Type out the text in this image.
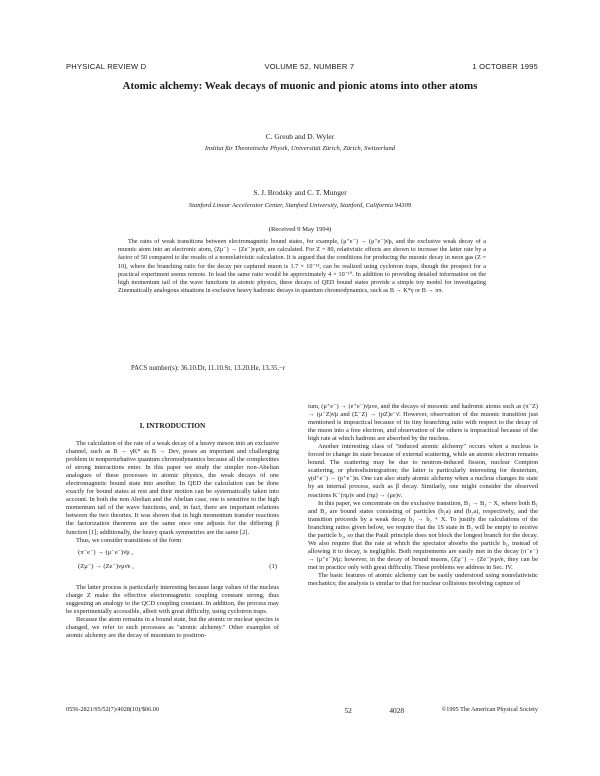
PHYSICAL REVIEW D	VOLUME 52, NUMBER 7	1 OCTOBER 1995
Atomic alchemy: Weak decays of muonic and pionic atoms into other atoms
C. Greub and D. Wyler
Institut für Theoretische Physik, Universität Zürich, Zürich, Switzerland
S. J. Brodsky and C. T. Munger
Stanford Linear Accelerator Center, Stanford University, Stanford, California 94309
(Received 9 May 1994)
The rates of weak transitions between electromagnetic bound states, for example, (μ⁺e⁻) → (μ⁺e⁻)ν̄μ, and the exclusive weak decay of a muonic atom into an electronic atom, (Zμ⁻) → (Ze⁻)νμν̄e, are calculated. For Z = 80, relativistic effects are shown to increase the latter rate by a factor of 50 compared to the results of a nonrelativistic calculation. It is argued that the conditions for producing the muonic decay in neon gas (Z = 10), where the branching ratio for the decay per captured muon is 1.7 × 10⁻¹³, can be realized using cyclotron traps, though the prospect for a practical experiment seems remote. In lead the same ratio would be approximately 4 × 10⁻¹⁰. In addition to providing detailed information on the high momentum tail of the wave functions in atomic physics, these decays of QED bound states provide a simple toy model for investigating Zinematically analogous situations in exclusive heavy hadronic decays in quantum chromodynamics, such as B → K*γ or B → ππ.
PACS number(s): 36.10.Dr, 11.10.St, 13.20.He, 13.35.−r
I. INTRODUCTION

The calculation of the rate of a weak decay of a heavy meson into an exclusive channel, such as B → γK* as B → Dev, poses an important and challenging problem in nonperturbative quantum chromodynamics because all the complexities of strong interactions enter. In this paper we study the simpler non-Abelian analogues of these processes in atomic physics, the weak decays of one electromagnetic bound state into another. In QED the calculation can be done exactly for bound states at rest and their motion can be systematically taken into account. In both the non Abelian and the Abelian case, one is sensitive to the high momentum tail of the wave functions, and, in fact, there are important relations between the two theories. It was shown that in high momentum transfer reactions the factorization theorems are the same once one adjusts for the differing β function [1]; additionally, the heavy quark symmetries are the same [2].

Thus, we consider transitions of the form

(π⁻e⁻) → (μ⁻e⁻)ν̄μ ,
(Zμ⁻) → (Ze⁻)νμν̄e ,	(1)

The latter process is particularly interesting because large values of the nucleus charge Z make the effective electromagnetic coupling constant strong, thus suggesting an analogy to the QCD coupling constant. In addition, the process may be experimentally accessible, albeit with great difficulty, using cyclotron traps.

Because the atom remains in a bound state, but the atomic or nuclear species is changed, we refer to such processes as "atomic alchemy." Other examples of atomic alchemy are the decay of muonium to positron-

ium, (μ⁺e⁻) → (e⁺e⁻)ν̄μνe, and the decays of mesonic and hadronic atoms such as (π⁻Z) → (μ⁻Z)ν̄μ and (Σ⁻Z) → (pZ)e⁻ν̄. However, observation of the muonic transition just mentioned is impractical because of its tiny branching ratio with respect to the decay of the muon into a free electron, and observation of the others is impractical because of the high rate at which hadrons are absorbed by the nucleus.

Another interesting class of "induced atomic alchemy" occurs when a nucleus is forced to change its state because of external scattering, while an atomic electron remains bound. The scattering may be due to neutron-induced fission, nuclear Compton scattering, or photodisintegration; the latter is particularly interesting for deuterium, γ(d⁺e⁻) → (p⁺e⁻)n. One can also study atomic alchemy when a nucleus changes its state by an internal process, such as β decay. Similarly, one might consider the observed reactions K⁻(πμ)ν and (πμ) → (μe)ν.

In this paper, we concentrate on the exclusive transition, B₁ → B₂ − X, where both B₁ and B₂ are bound states consisting of particles (b₁a) and (b₂a), respectively, and the transition proceeds by a weak decay b₁ → b₂ + X. To justify the calculations of the branching ratios given below, we require that the 1S state in B₂ will be empty to receive the particle b₂, so that the Pauli principle does not block the longest branch for the decay. We also require that the rate at which the spectator absorbs the particle b₁, instead of allowing it to decay, is negligible. Both requirements are easily met in the decay (π⁻e⁻) → (μ⁺e⁻)ν̄μ; however, in the decay of bound muons, (Zμ⁻) → (Ze⁻)νμν̄e, they can be met in practice only with great difficulty. These problems we address in Sec. IV.

The basic features of atomic alchemy can be easily understood using nonrelativistic mechanics; the analysis is similar to that for nuclear collisions involving capture of

0556-2821/95/52(7)/4028(10)/$06.00	52	4028	©1995 The American Physical Society
